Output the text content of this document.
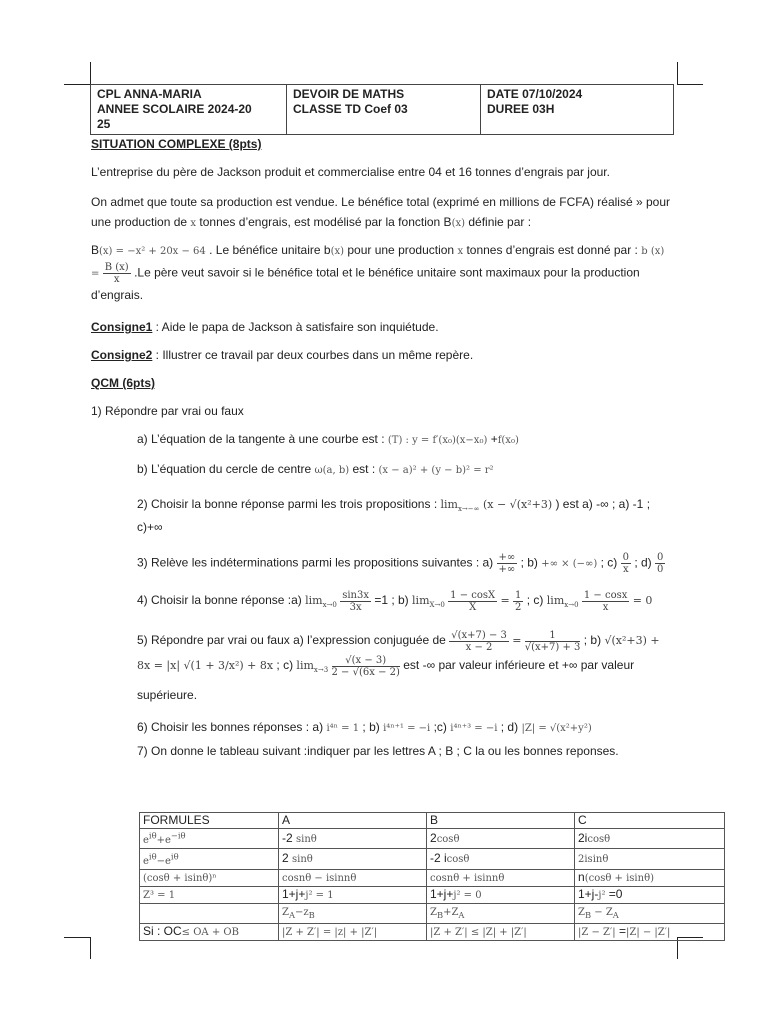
CPL ANNA-MARIA
ANNEE SCOLAIRE 2024-2025

DEVOIR DE MATHS
CLASSE TD Coef 03

DATE 07/10/2024
DUREE 03H

SITUATION COMPLEXE (8pts)

L’entreprise du père de Jackson produit et commercialise entre 04 et 16 tonnes d’engrais par jour.

On admet que toute sa production est vendue. Le bénéfice total (exprimé en millions de FCFA) réalisé » pour une production de x tonnes d’engrais, est modélisé par la fonction B(x) définie par :

B(x) = −x² + 20x − 64 . Le bénéfice unitaire b(x) pour une production x tonnes d’engrais est donné par : b $(x) = \frac{B (x)}{x} .Le$ père veut savoir si le bénéfice total et le bénéfice unitaire sont maximaux pour la production d’engrais.

Consigne1 : Aide le papa de Jackson à satisfaire son inquiétude.

Consigne2 : Illustrer ce travail par deux courbes dans un même repère.

QCM (6pts)

1) Répondre par vrai ou faux

a) L’équation de la tangente à une courbe est : (T) : y = f′(x₀)(x−x₀) +f(x₀)

b) L’équation du cercle de centre ω(a, b) est : (x − a)² + (y − b)² = r²

2) Choisir la bonne réponse parmi les trois propositions : $\lim_{x\to-\infty} (x - √(x^2+3)$ ) est a) -∞ ; a) -1 ; c)+∞

3) Relève les indéterminations parmi les propositions suivantes : $a) \frac{+\infty}{+\infty}$ ; b) +∞ × (−∞) ; $c) \frac{0}{x}$ ; $d) \frac{0}{0}$

4) Choisir la bonne réponse :a) $\lim_{x\to 0} \frac{\sin 3x}{3x} =1$ ; b) $\lim_{X\to 0} \frac{1 - \cos X}{X} = \frac{1}{2}$ ; c) $\lim_{x\to 0} \frac{1 - \cos x}{x} = 0$

5) Répondre par vrai ou faux a) l’expression conjuguée de $\frac{√(x+7) - 3}{x - 2} = \frac{1}{√(x+7) + 3}$ ; b) √(x²+3) + 8x = |x| √(1 + 3/x²) + 8x ; c) $\lim_{x\to 3} \frac{√(x - 3)}{2 - √(6x - 2)}$ est -∞ par valeur inférieure et +∞ par valeur supérieure.

6) Choisir les bonnes réponses : a) i⁴ⁿ = 1 ; b) i⁴ⁿ⁺¹ = −i ;c) i⁴ⁿ⁺³ = −i ; d) |Z| = √(x²+y²)

7) On donne le tableau suivant :indiquer par les lettres A ; B ; C la ou les bonnes reponses.

FORMULES	A	B	C
$e^{i\theta}+e^{-i\theta}$	-2 sinθ	2cosθ	2icosθ
$e^{i\theta}-e^{i\theta}$	2 sinθ	-2 icosθ	2isinθ
(cosθ + isinθ)ⁿ	cosnθ − isinnθ	cosnθ + isinnθ	n(cosθ + isinθ)
Z³ = 1	1+j+j² = 1	1+j+j² = 0	1+j-j² =0
	$Z_A-z_B$	$Z_B+Z_A$	$Z_B - Z_A$
Si : OC≤ OA + OB	|Z + Z′| = |z| + |Z′|	|Z + Z′| ≤ |Z| + |Z′|	|Z − Z′| =|Z| − |Z′|
